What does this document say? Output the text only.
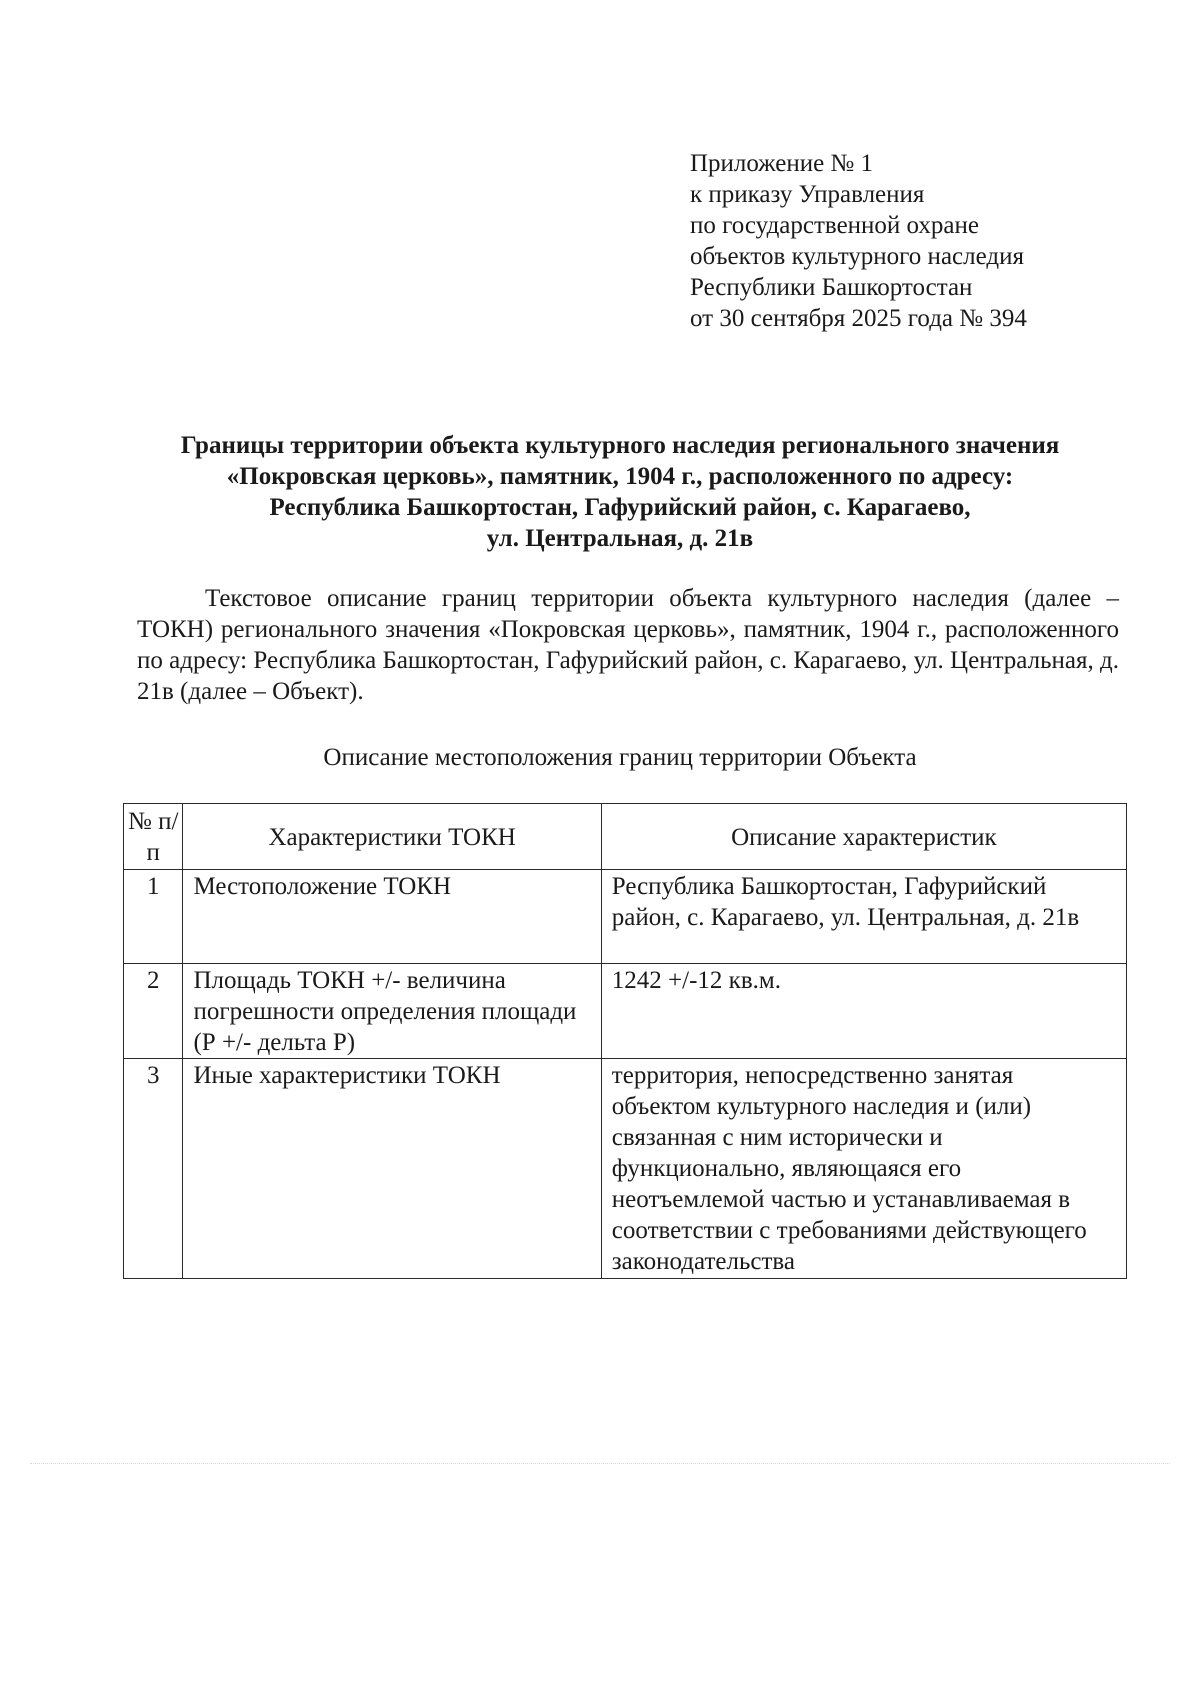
Приложение № 1
к приказу Управления
по государственной охране
объектов культурного наследия
Республики Башкортостан
от 30 сентября 2025 года № 394
Границы территории объекта культурного наследия регионального значения
«Покровская церковь», памятник, 1904 г., расположенного по адресу:
Республика Башкортостан, Гафурийский район, с. Карагаево,
ул. Центральная, д. 21в

Текстовое описание границ территории объекта культурного наследия (далее – ТОКН) регионального значения «Покровская церковь», памятник, 1904 г., расположенного по адресу: Республика Башкортостан, Гафурийский район, с. Карагаево, ул. Центральная, д. 21в (далее – Объект).

Описание местоположения границ территории Объекта
№ п/п	Характеристики ТОКН	Описание характеристик
1	Местоположение ТОКН	Республика Башкортостан, Гафурийский район, с. Карагаево, ул. Центральная, д. 21в
2	Площадь ТОКН +/- величина погрешности определения площади (Р +/- дельта Р)	1242 +/-12 кв.м.
3	Иные характеристики ТОКН	территория, непосредственно занятая объектом культурного наследия и (или) связанная с ним исторически и функционально, являющаяся его неотъемлемой частью и устанавливаемая в соответствии с требованиями действующего законодательства
